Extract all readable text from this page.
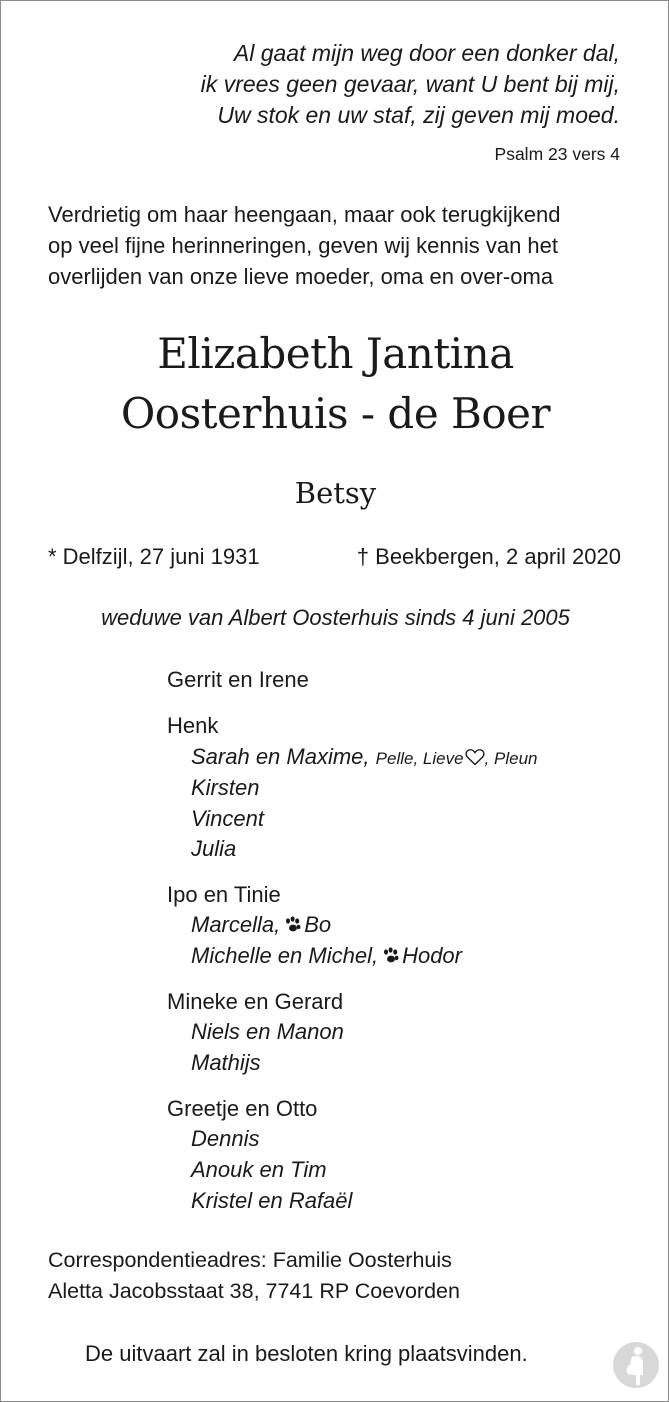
Al gaat mijn weg door een donker dal,
ik vrees geen gevaar, want U bent bij mij,
Uw stok en uw staf, zij geven mij moed.
Psalm 23 vers 4
Verdrietig om haar heengaan, maar ook terugkijkend
op veel fijne herinneringen, geven wij kennis van het
overlijden van onze lieve moeder, oma en over-oma
Elizabeth Jantina
Oosterhuis - de Boer
Betsy
* Delfzijl, 27 juni 1931	† Beekbergen, 2 april 2020
weduwe van Albert Oosterhuis sinds 4 juni 2005
Gerrit en Irene
Henk
Sarah en Maxime, Pelle, Lieve , Pleun
Kirsten
Vincent
Julia
Ipo en Tinie
Marcella, Bo
Michelle en Michel, Hodor
Mineke en Gerard
Niels en Manon
Mathijs
Greetje en Otto
Dennis
Anouk en Tim
Kristel en Rafaël
Correspondentieadres: Familie Oosterhuis
Aletta Jacobsstaat 38, 7741 RP Coevorden
De uitvaart zal in besloten kring plaatsvinden.
